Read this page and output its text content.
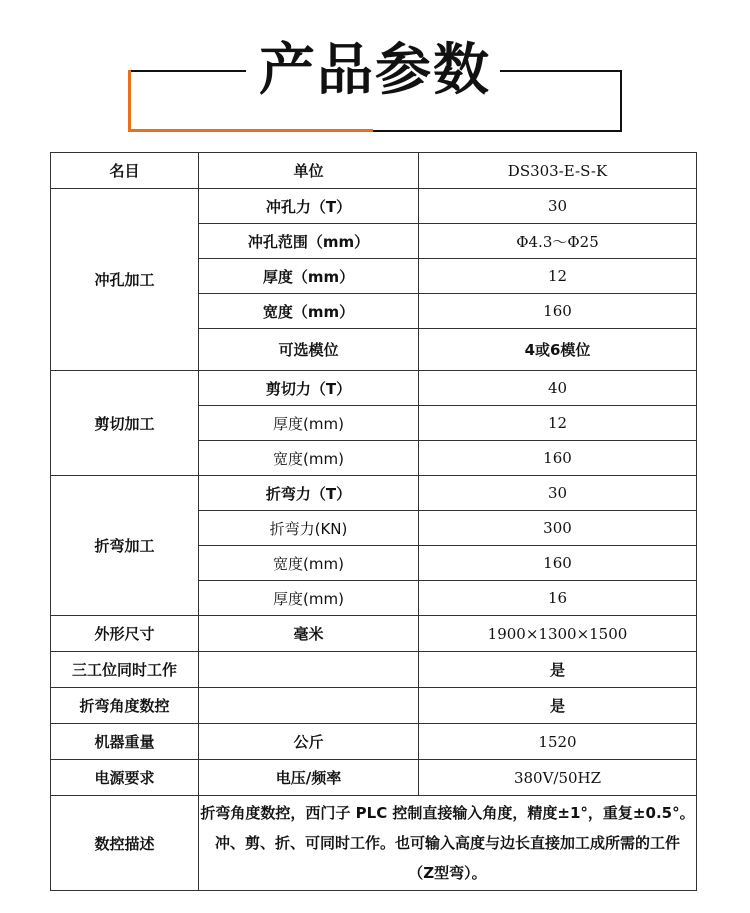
产品参数
名目	单位	DS303-E-S-K
冲孔加工	冲孔力（T）	30
	冲孔范围（mm）	Φ4.3～Φ25
	厚度（mm）	12
	宽度（mm）	160
	可选模位	4或6模位
剪切加工	剪切力（T）	40
	厚度(mm)	12
	宽度(mm)	160
折弯加工	折弯力（T）	30
	折弯力(KN)	300
	宽度(mm)	160
	厚度(mm)	16
外形尺寸	毫米	1900×1300×1500
三工位同时工作		是
折弯角度数控		是
机器重量	公斤	1520
电源要求	电压/频率	380V/50HZ
数控描述	折弯角度数控，西门子 PLC 控制直接输入角度，精度±1°，重复±0.5°。
冲、剪、折、可同时工作。也可输入高度与边长直接加工成所需的工件
（Z型弯）。	
